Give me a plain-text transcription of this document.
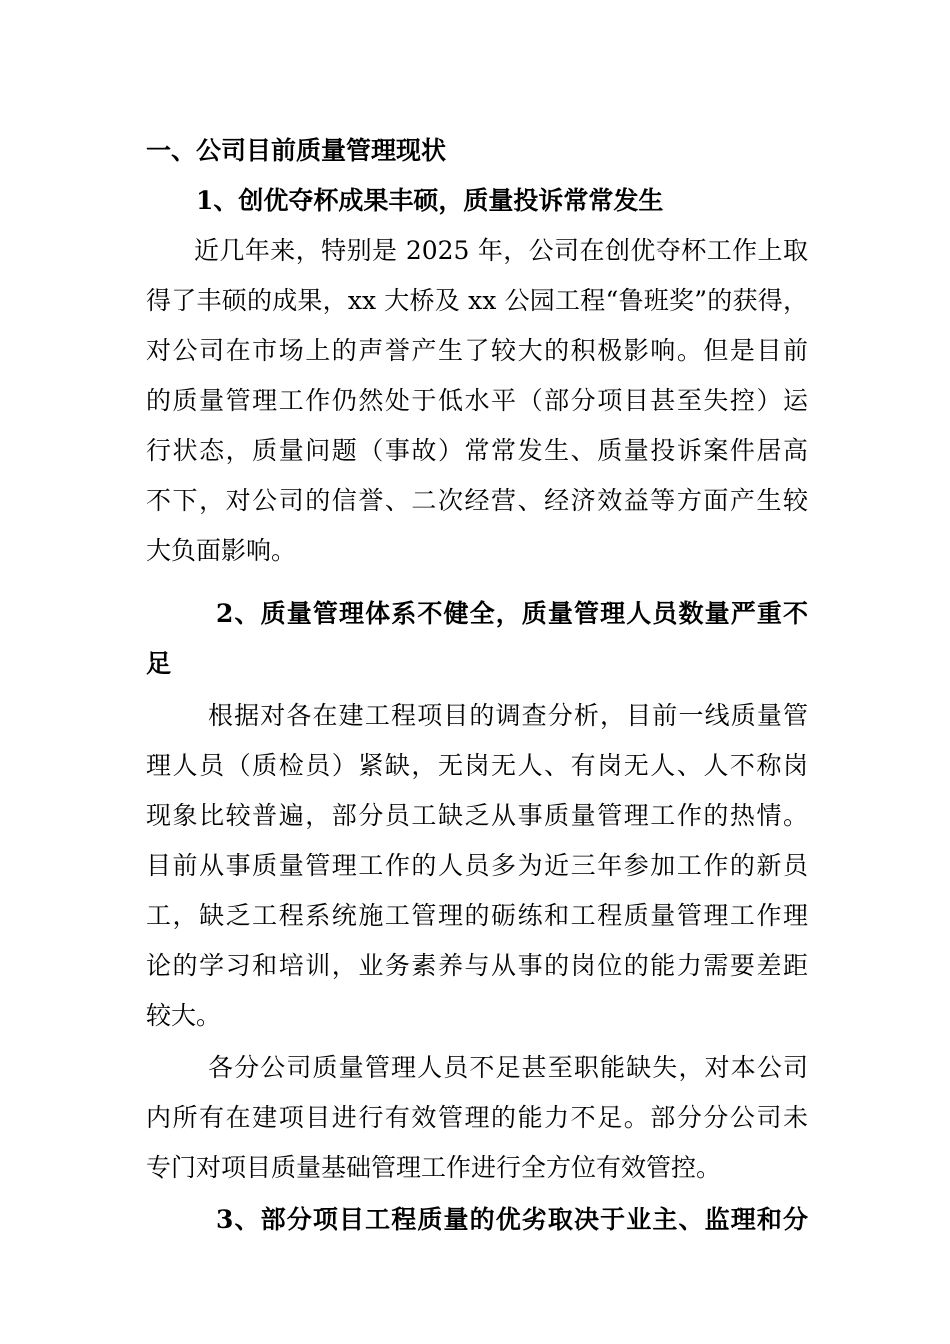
一、公司目前质量管理现状
1、创优夺杯成果丰硕，质量投诉常常发生
近几年来，特别是 2025 年，公司在创优夺杯工作上取
得了丰硕的成果，xx 大桥及 xx 公园工程“鲁班奖”的获得，
对公司在市场上的声誉产生了较大的积极影响。但是目前
的质量管理工作仍然处于低水平（部分项目甚至失控）运
行状态，质量问题（事故）常常发生、质量投诉案件居高
不下，对公司的信誉、二次经营、经济效益等方面产生较
大负面影响。
2、质量管理体系不健全，质量管理人员数量严重不
足
根据对各在建工程项目的调查分析，目前一线质量管
理人员（质检员）紧缺，无岗无人、有岗无人、人不称岗
现象比较普遍，部分员工缺乏从事质量管理工作的热情。
目前从事质量管理工作的人员多为近三年参加工作的新员
工，缺乏工程系统施工管理的砺练和工程质量管理工作理
论的学习和培训，业务素养与从事的岗位的能力需要差距
较大。
各分公司质量管理人员不足甚至职能缺失，对本公司
内所有在建项目进行有效管理的能力不足。部分分公司未
专门对项目质量基础管理工作进行全方位有效管控。
3、部分项目工程质量的优劣取决于业主、监理和分
